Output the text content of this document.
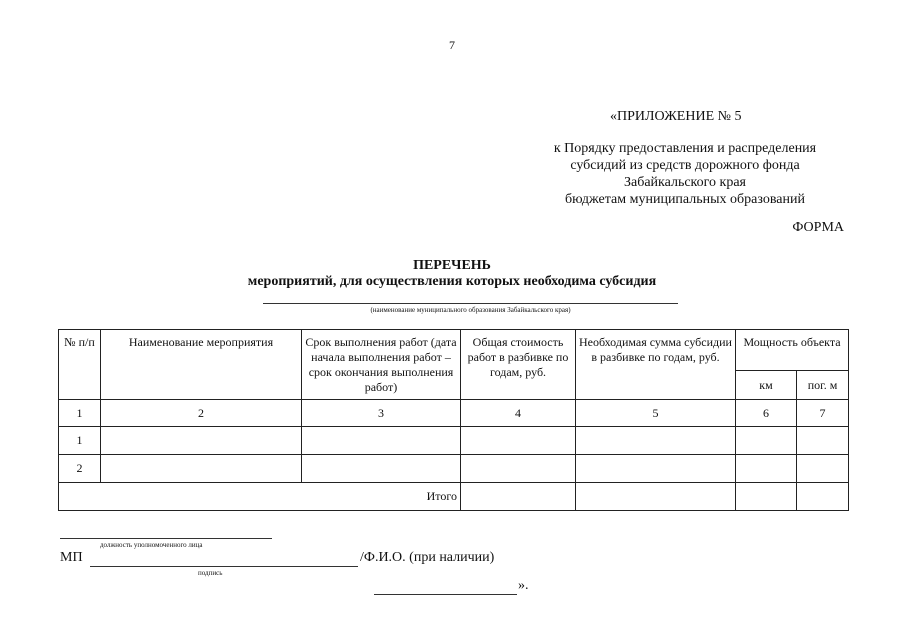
7
«ПРИЛОЖЕНИЕ № 5
к Порядку предоставления и распределения
субсидий из средств дорожного фонда
Забайкальского края
бюджетам муниципальных образований
ФОРМА
ПЕРЕЧЕНЬ
мероприятий, для осуществления которых необходима субсидия
(наименование муниципального образования Забайкальского края)
№ п/п	Наименование мероприятия	Срок выполнения работ (дата начала выполнения работ – срок окончания выполнения работ)	Общая стоимость работ в разбивке по годам, руб.	Необходимая сумма субсидии в разбивке по годам, руб.	Мощность объекта	
					км	пог. м
1	2	3	4	5	6	7
1						
2						
Итого						
должность уполномоченного лица
МП
подпись
/Ф.И.О. (при наличии)
».
